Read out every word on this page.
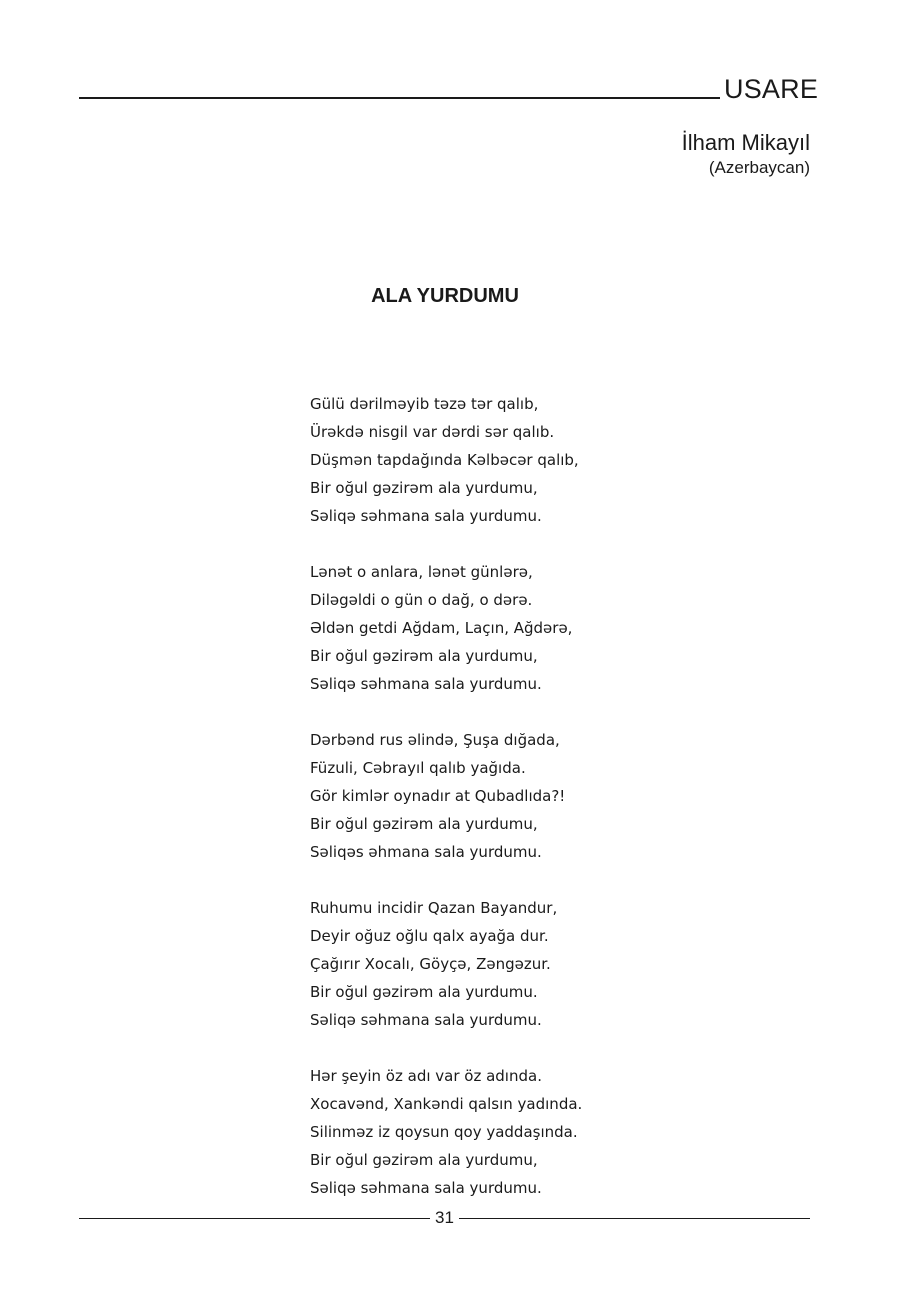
USARE
İlham Mikayıl
(Azerbaycan)
ALA YURDUMU
Gülü dərilməyib təzə tər qalıb,
Ürəkdə nisgil var dərdi sər qalıb.
Düşmən tapdağında Kəlbəcər qalıb,
Bir oğul gəzirəm ala yurdumu,
Səliqə səhmana sala yurdumu.
Lənət o anlara, lənət günlərə,
Diləgəldi o gün o dağ, o dərə.
Əldən getdi Ağdam, Laçın, Ağdərə,
Bir oğul gəzirəm ala yurdumu,
Səliqə səhmana sala yurdumu.
Dərbənd rus əlində, Şuşa dığada,
Füzuli, Cəbrayıl qalıb yağıda.
Gör kimlər oynadır at Qubadlıda?!
Bir oğul gəzirəm ala yurdumu,
Səliqəs əhmana sala yurdumu.
Ruhumu incidir Qazan Bayandur,
Deyir oğuz oğlu qalx ayağa dur.
Çağırır Xocalı, Göyçə, Zəngəzur.
Bir oğul gəzirəm ala yurdumu.
Səliqə səhmana sala yurdumu.
Hər şeyin öz adı var öz adında.
Xocavənd, Xankəndi qalsın yadında.
Silinməz iz qoysun qoy yaddaşında.
Bir oğul gəzirəm ala yurdumu,
Səliqə səhmana sala yurdumu.
31
